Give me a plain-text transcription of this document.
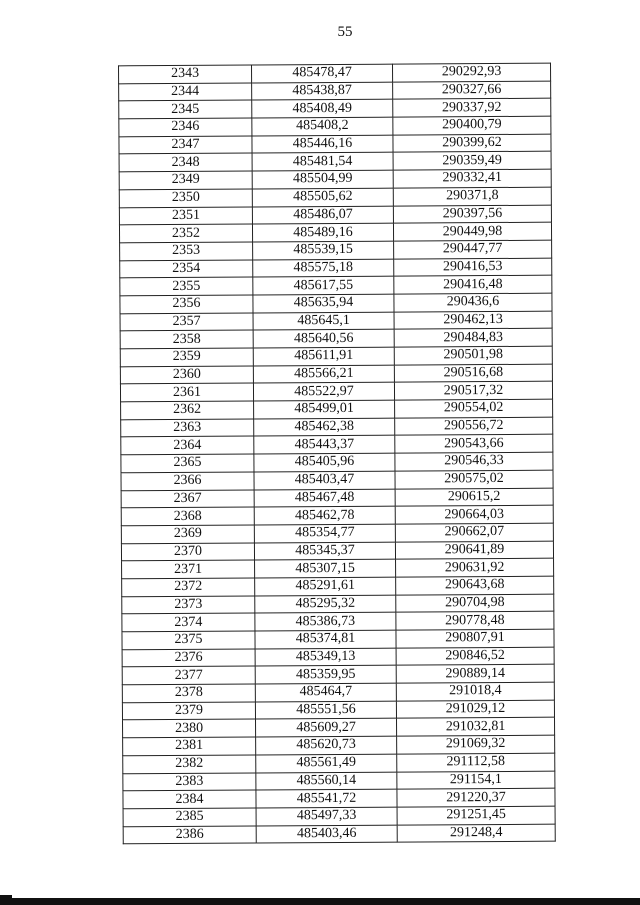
55
2343	485478,47	290292,93
2344	485438,87	290327,66
2345	485408,49	290337,92
2346	485408,2	290400,79
2347	485446,16	290399,62
2348	485481,54	290359,49
2349	485504,99	290332,41
2350	485505,62	290371,8
2351	485486,07	290397,56
2352	485489,16	290449,98
2353	485539,15	290447,77
2354	485575,18	290416,53
2355	485617,55	290416,48
2356	485635,94	290436,6
2357	485645,1	290462,13
2358	485640,56	290484,83
2359	485611,91	290501,98
2360	485566,21	290516,68
2361	485522,97	290517,32
2362	485499,01	290554,02
2363	485462,38	290556,72
2364	485443,37	290543,66
2365	485405,96	290546,33
2366	485403,47	290575,02
2367	485467,48	290615,2
2368	485462,78	290664,03
2369	485354,77	290662,07
2370	485345,37	290641,89
2371	485307,15	290631,92
2372	485291,61	290643,68
2373	485295,32	290704,98
2374	485386,73	290778,48
2375	485374,81	290807,91
2376	485349,13	290846,52
2377	485359,95	290889,14
2378	485464,7	291018,4
2379	485551,56	291029,12
2380	485609,27	291032,81
2381	485620,73	291069,32
2382	485561,49	291112,58
2383	485560,14	291154,1
2384	485541,72	291220,37
2385	485497,33	291251,45
2386	485403,46	291248,4
